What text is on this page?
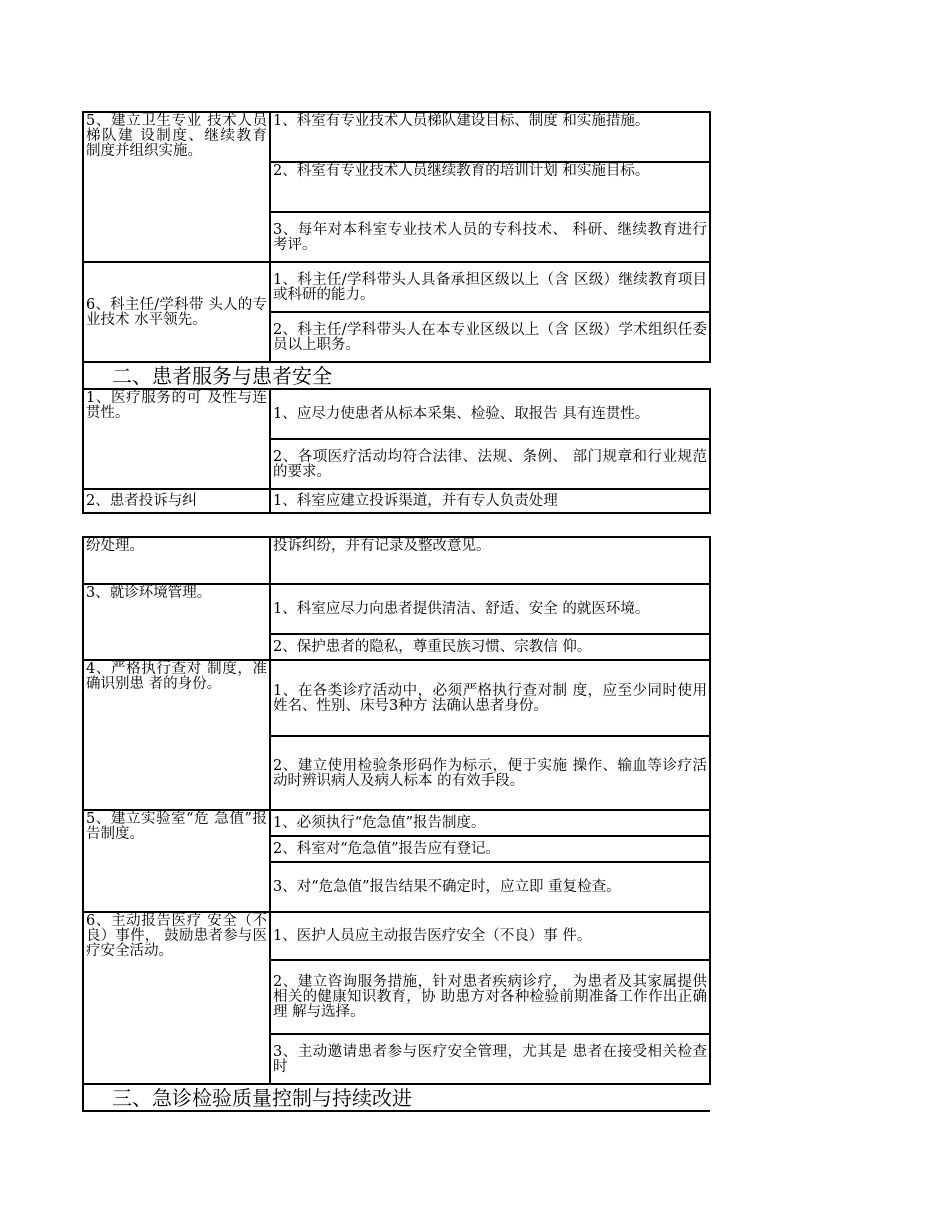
5、建立卫生专业 技术人员梯队建 设制度、继续教育 制度并组织实施。	1、科室有专业技术人员梯队建设目标、制度 和实施措施。
	2、科室有专业技术人员继续教育的培训计划 和实施目标。
	3、每年对本科室专业技术人员的专科技术、 科研、继续教育进行考评。
6、科主任/学科带 头人的专业技术 水平领先。	1、科主任/学科带头人具备承担区级以上（含 区级）继续教育项目或科研的能力。
	2、科主任/学科带头人在本专业区级以上（含 区级）学术组织任委员以上职务。
二、患者服务与患者安全	
1、医疗服务的可 及性与连贯性。	1、应尽力使患者从标本采集、检验、取报告 具有连贯性。
	2、各项医疗活动均符合法律、法规、条例、 部门规章和行业规范的要求。
2、患者投诉与纠	1、科室应建立投诉渠道，并有专人负责处理
纷处理。	投诉纠纷，并有记录及整改意见。
3、就诊环境管理。	1、科室应尽力向患者提供清洁、舒适、安全 的就医环境。
	2、保护患者的隐私，尊重民族习惯、宗教信 仰。
4、严格执行查对 制度，准确识别患 者的身份。	1、在各类诊疗活动中，必须严格执行查对制 度，应至少同时使用姓名、性别、床号3种方 法确认患者身份。
	2、建立使用检验条形码作为标示，便于实施 操作、输血等诊疗活动时辨识病人及病人标本 的有效手段。
5、建立实验室“危 急值”报告制度。	1、必须执行“危急值”报告制度。
	2、科室对“危急值”报告应有登记。
	3、对“危急值”报告结果不确定时，应立即 重复检查。
6、主动报告医疗 安全（不良）事件， 鼓励患者参与医 疗安全活动。	1、医护人员应主动报告医疗安全（不良）事 件。
	2、建立咨询服务措施，针对患者疾病诊疗， 为患者及其家属提供相关的健康知识教育，协 助患方对各种检验前期准备工作作出正确理 解与选择。
	3、主动邀请患者参与医疗安全管理，尤其是 患者在接受相关检查时
三、急诊检验质量控制与持续改进	
